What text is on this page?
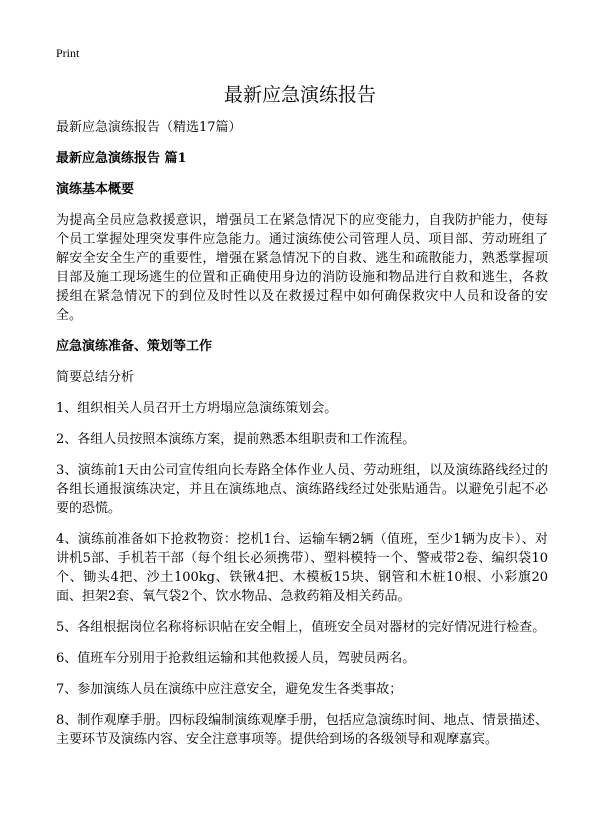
Print
最新应急演练报告

最新应急演练报告（精选17篇）

最新应急演练报告 篇1

演练基本概要

为提高全员应急救援意识，增强员工在紧急情况下的应变能力，自我防护能力，使每个员工掌握处理突发事件应急能力。通过演练使公司管理人员、项目部、劳动班组了解安全安全生产的重要性，增强在紧急情况下的自救、逃生和疏散能力，熟悉掌握项目部及施工现场逃生的位置和正确使用身边的消防设施和物品进行自救和逃生，各救援组在紧急情况下的到位及时性以及在救援过程中如何确保救灾中人员和设备的安全。

应急演练准备、策划等工作

简要总结分析

1、组织相关人员召开土方坍塌应急演练策划会。

2、各组人员按照本演练方案，提前熟悉本组职责和工作流程。

3、演练前1天由公司宣传组向长寿路全体作业人员、劳动班组，以及演练路线经过的各组长通报演练决定，并且在演练地点、演练路线经过处张贴通告。以避免引起不必要的恐慌。

4、演练前准备如下抢救物资：挖机1台、运输车辆2辆（值班，至少1辆为皮卡）、对讲机5部、手机若干部（每个组长必须携带）、塑料模特一个、警戒带2卷、编织袋10个、锄头4把、沙土100kg、铁锹4把、木模板15块、钢管和木桩10根、小彩旗20面、担架2套、氧气袋2个、饮水物品、急救药箱及相关药品。

5、各组根据岗位名称将标识帖在安全帽上，值班安全员对器材的完好情况进行检查。

6、值班车分别用于抢救组运输和其他救援人员，驾驶员两名。

7、参加演练人员在演练中应注意安全，避免发生各类事故；

8、制作观摩手册。四标段编制演练观摩手册，包括应急演练时间、地点、情景描述、主要环节及演练内容、安全注意事项等。提供给到场的各级领导和观摩嘉宾。
